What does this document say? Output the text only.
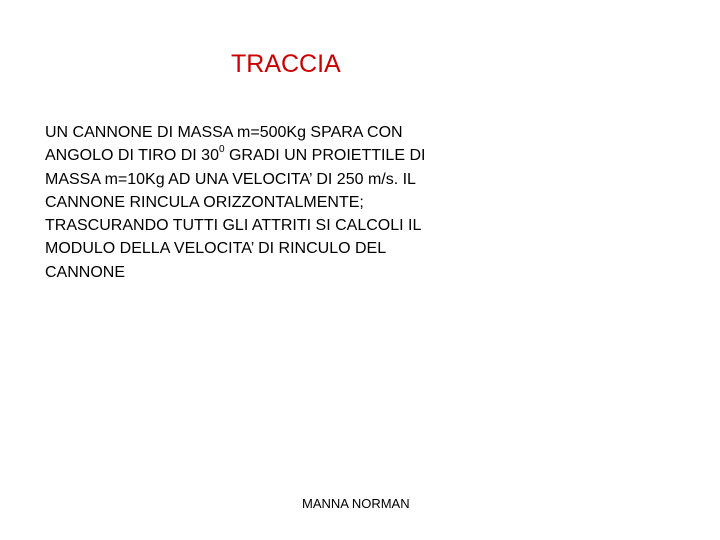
TRACCIA
UN CANNONE DI MASSA m=500Kg SPARA CON
ANGOLO DI TIRO DI $30^0$ GRADI UN PROIETTILE DI
MASSA m=10Kg AD UNA VELOCITA’ DI 250 m/s. IL
CANNONE RINCULA ORIZZONTALMENTE;
TRASCURANDO TUTTI GLI ATTRITI SI CALCOLI IL
MODULO DELLA VELOCITA’ DI RINCULO DEL
CANNONE
MANNA NORMAN
